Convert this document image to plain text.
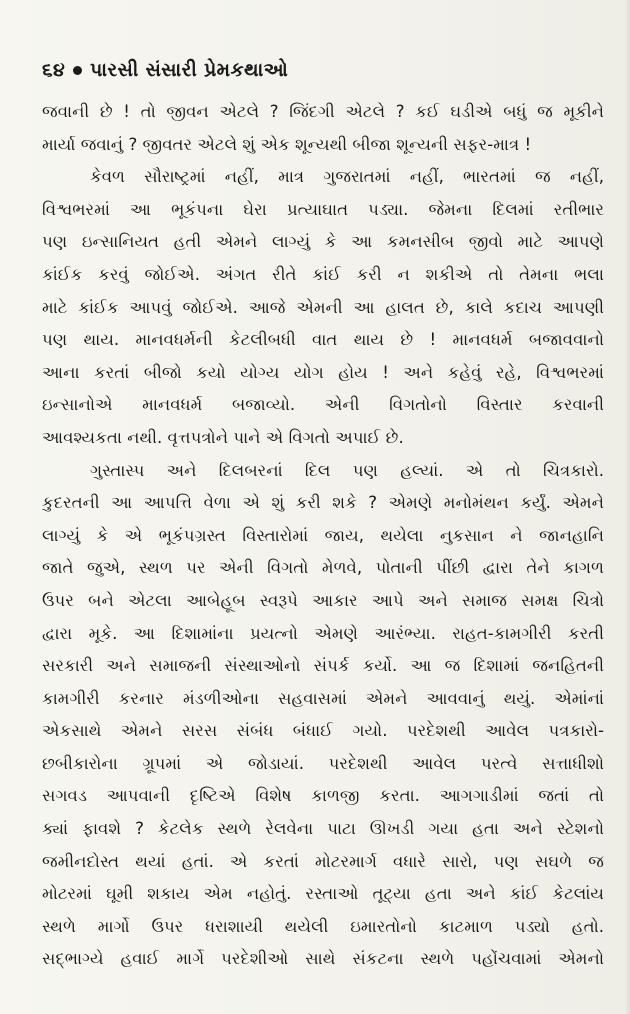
૬૪ પારસી સંસારી પ્રેમકથાઓ
જવાની છે ! તો જીવન એટલે ? જિંદગી એટલે ? કઈ ઘડીએ બધું જ મૂકીને
માર્યા જવાનું ? જીવતર એટલે શું એક શૂન્યથી બીજા શૂન્યની સફર-માત્ર !
કેવળ સૌરાષ્ટ્રમાં નહીં, માત્ર ગુજરાતમાં નહીં, ભારતમાં જ નહીં,
વિશ્વભરમાં આ ભૂકંપના ઘેરા પ્રત્યાઘાત પડ્યા. જેમના દિલમાં રતીભાર
પણ ઇન્સાનિયત હતી એમને લાગ્યું કે આ કમનસીબ જીવો માટે આપણે
કાંઈક કરવું જોઈએ. અંગત રીતે કાંઈ કરી ન શકીએ તો તેમના ભલા
માટે કાંઈક આપવું જોઈએ. આજે એમની આ હાલત છે, કાલે કદાચ આપણી
પણ થાય. માનવધર્મની કેટલીબધી વાત થાય છે ! માનવધર્મ બજાવવાનો
આના કરતાં બીજો કયો યોગ્ય યોગ હોય ! અને કહેવું રહે, વિશ્વભરમાં
ઇન્સાનોએ માનવધર્મ બજાવ્યો. એની વિગતોનો વિસ્તાર કરવાની
આવશ્યકતા નથી. વૃત્તપત્રોને પાને એ વિગતો અપાઈ છે.
ગુસ્તાસ્પ અને દિલબરનાં દિલ પણ હલ્યાં. એ તો ચિત્રકારો.
કુદરતની આ આપત્તિ વેળા એ શું કરી શકે ? એમણે મનોમંથન કર્યું. એમને
લાગ્યું કે એ ભૂકંપગ્રસ્ત વિસ્તારોમાં જાય, થયેલા નુકસાન ને જાનહાનિ
જાતે જુએ, સ્થળ પર એની વિગતો મેળવે, પોતાની પીંછી દ્વારા તેને કાગળ
ઉપર બને એટલા આબેહૂબ સ્વરૂપે આકાર આપે અને સમાજ સમક્ષ ચિત્રો
દ્વારા મૂકે. આ દિશામાંના પ્રયત્નો એમણે આરંભ્યા. રાહત-કામગીરી કરતી
સરકારી અને સમાજની સંસ્થાઓનો સંપર્ક કર્યો. આ જ દિશામાં જનહિતની
કામગીરી કરનાર મંડળીઓના સહવાસમાં એમને આવવાનું થયું. એમાંનાં
એકસાથે એમને સરસ સંબંધ બંધાઈ ગયો. પરદેશથી આવેલ પત્રકારો-
છબીકારોના ગ્રૂપમાં એ જોડાયાં. પરદેશથી આવેલ પરત્વે સત્તાધીશો
સગવડ આપવાની દૃષ્ટિએ વિશેષ કાળજી કરતા. આગગાડીમાં જતાં તો
ક્યાં ફાવશે ? કેટલેક સ્થળે રેલવેના પાટા ઊખડી ગયા હતા અને સ્ટેશનો
જમીનદોસ્ત થયાં હતાં. એ કરતાં મોટરમાર્ગ વધારે સારો, પણ સઘળે જ
મોટરમાં ઘૂમી શકાય એમ નહોતું. રસ્તાઓ તૂટ્યા હતા અને કાંઈ કેટલાંય
સ્થળે માર્ગો ઉપર ધરાશાયી થયેલી ઇમારતોનો કાટમાળ પડ્યો હતો.
સદ્ભાગ્યે હવાઈ માર્ગે પરદેશીઓ સાથે સંકટના સ્થળે પહોંચવામાં એમનો
